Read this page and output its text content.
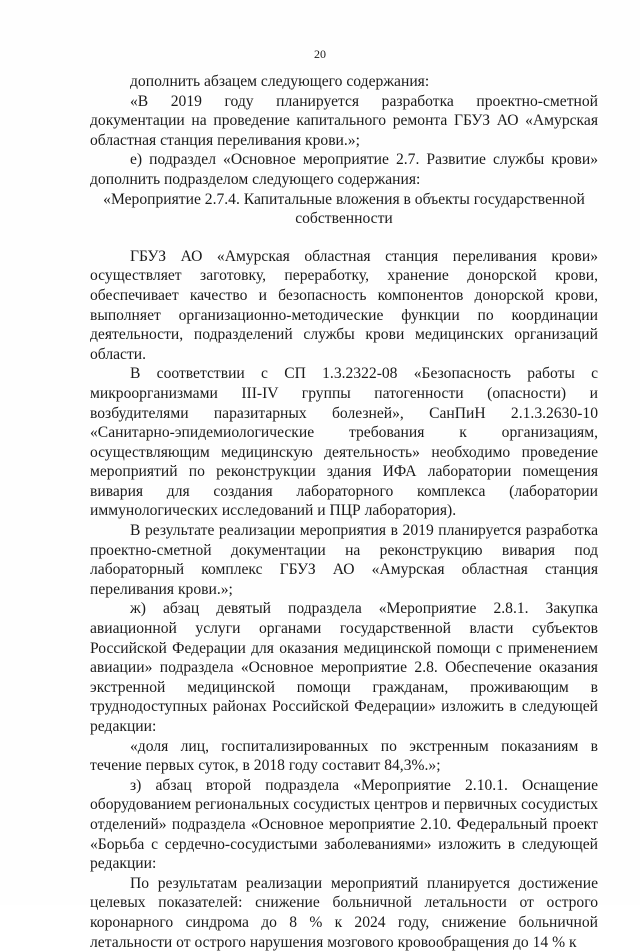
20

дополнить абзацем следующего содержания:

«В 2019 году планируется разработка проектно-сметной документации на проведение капитального ремонта ГБУЗ АО «Амурская областная станция переливания крови.»;

е) подраздел «Основное мероприятие 2.7. Развитие службы крови» дополнить подразделом следующего содержания:

«Мероприятие 2.7.4. Капитальные вложения в объекты государственной собственности

ГБУЗ АО «Амурская областная станция переливания крови» осуществляет заготовку, переработку, хранение донорской крови, обеспечивает качество и безопасность компонентов донорской крови, выполняет организационно-методические функции по координации деятельности, подразделений службы крови медицинских организаций области.

В соответствии с СП 1.3.2322-08 «Безопасность работы с микроорганизмами III-IV группы патогенности (опасности) и возбудителями паразитарных болезней», СанПиН 2.1.3.2630-10 «Санитарно-эпидемиологические требования к организациям, осуществляющим медицинскую деятельность» необходимо проведение мероприятий по реконструкции здания ИФА лаборатории помещения вивария для создания лабораторного комплекса (лаборатории иммунологических исследований и ПЦР лаборатория).

В результате реализации мероприятия в 2019 планируется разработка проектно-сметной документации на реконструкцию вивария под лабораторный комплекс ГБУЗ АО «Амурская областная станция переливания крови.»;

ж) абзац девятый подраздела «Мероприятие 2.8.1. Закупка авиационной услуги органами государственной власти субъектов Российской Федерации для оказания медицинской помощи с применением авиации» подраздела «Основное мероприятие 2.8. Обеспечение оказания экстренной медицинской помощи гражданам, проживающим в труднодоступных районах Российской Федерации» изложить в следующей редакции:

«доля лиц, госпитализированных по экстренным показаниям в течение первых суток, в 2018 году составит 84,3%.»;

з) абзац второй подраздела «Мероприятие 2.10.1. Оснащение оборудованием региональных сосудистых центров и первичных сосудистых отделений» подраздела «Основное мероприятие 2.10. Федеральный проект «Борьба с сердечно-сосудистыми заболеваниями» изложить в следующей редакции:

По результатам реализации мероприятий планируется достижение целевых показателей: снижение больничной летальности от острого коронарного синдрома до 8 % к 2024 году, снижение больничной летальности от острого нарушения мозгового кровообращения до 14 % к
